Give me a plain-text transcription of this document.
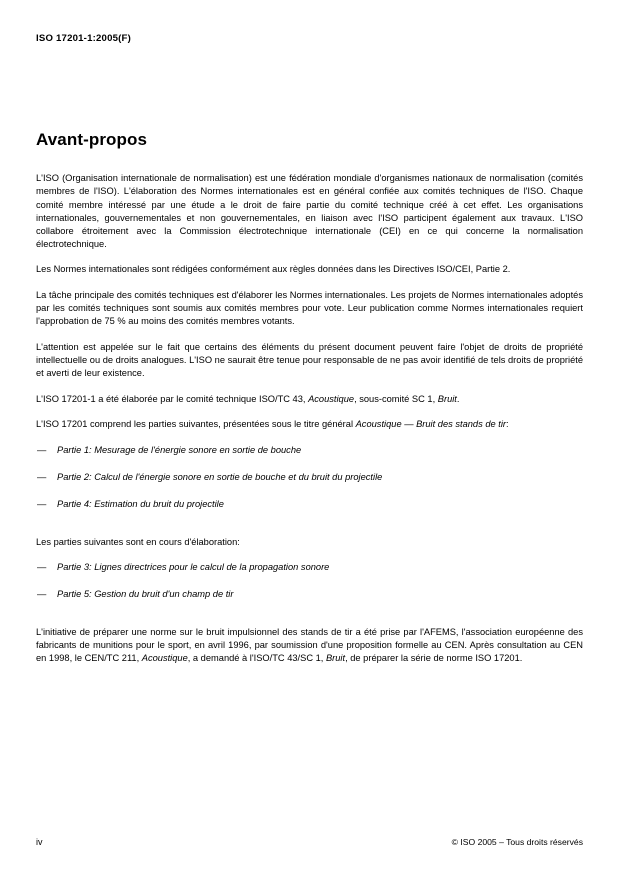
ISO 17201-1:2005(F)
Avant-propos

L'ISO (Organisation internationale de normalisation) est une fédération mondiale d'organismes nationaux de normalisation (comités membres de l'ISO). L'élaboration des Normes internationales est en général confiée aux comités techniques de l'ISO. Chaque comité membre intéressé par une étude a le droit de faire partie du comité technique créé à cet effet. Les organisations internationales, gouvernementales et non gouvernementales, en liaison avec l'ISO participent également aux travaux. L'ISO collabore étroitement avec la Commission électrotechnique internationale (CEI) en ce qui concerne la normalisation électrotechnique.

Les Normes internationales sont rédigées conformément aux règles données dans les Directives ISO/CEI, Partie 2.

La tâche principale des comités techniques est d'élaborer les Normes internationales. Les projets de Normes internationales adoptés par les comités techniques sont soumis aux comités membres pour vote. Leur publication comme Normes internationales requiert l'approbation de 75 % au moins des comités membres votants.

L'attention est appelée sur le fait que certains des éléments du présent document peuvent faire l'objet de droits de propriété intellectuelle ou de droits analogues. L'ISO ne saurait être tenue pour responsable de ne pas avoir identifié de tels droits de propriété et averti de leur existence.

L'ISO 17201-1 a été élaborée par le comité technique ISO/TC 43, Acoustique, sous-comité SC 1, Bruit.

L'ISO 17201 comprend les parties suivantes, présentées sous le titre général Acoustique — Bruit des stands de tir:

—	Partie 1: Mesurage de l'énergie sonore en sortie de bouche
—	Partie 2: Calcul de l'énergie sonore en sortie de bouche et du bruit du projectile
—	Partie 4: Estimation du bruit du projectile

Les parties suivantes sont en cours d'élaboration:

—	Partie 3: Lignes directrices pour le calcul de la propagation sonore
—	Partie 5: Gestion du bruit d'un champ de tir

L'initiative de préparer une norme sur le bruit impulsionnel des stands de tir a été prise par l'AFEMS, l'association européenne des fabricants de munitions pour le sport, en avril 1996, par soumission d'une proposition formelle au CEN. Après consultation au CEN en 1998, le CEN/TC 211, Acoustique, a demandé à l'ISO/TC 43/SC 1, Bruit, de préparer la série de norme ISO 17201.

iv	© ISO 2005 – Tous droits réservés
